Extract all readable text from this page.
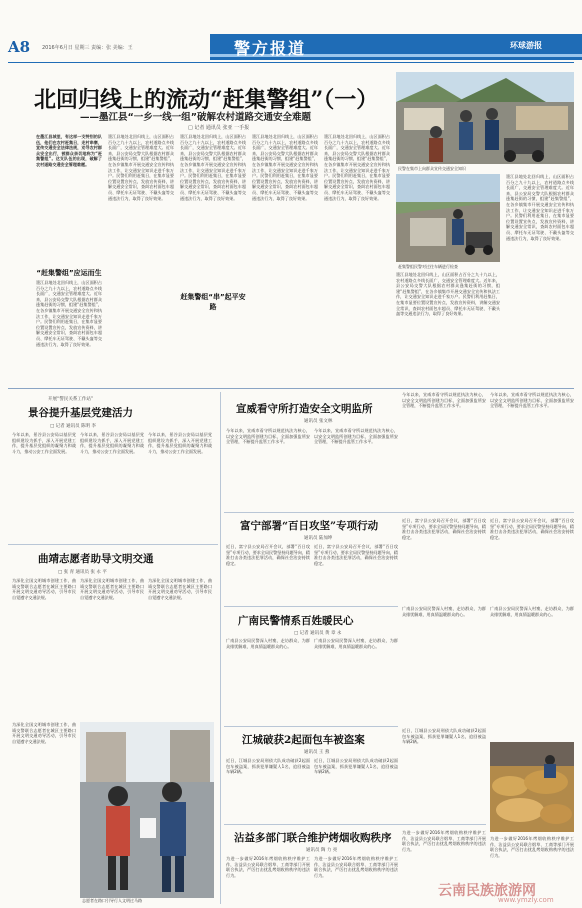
A8 2016年6月日 星期三 责编：张 美编：王	警方报道	环球游报
北回归线上的流动“赶集警组”（一）
——墨江县“一乡一线一组”破解农村道路交通安全难题
□ 记者 通讯员 张亚 一手报
在墨江县城里，有这样一支特别的队伍，他们在农村赶集日，走村串寨，宣传交通安全法律法规，劝导农村群众安全出行，被群众亲切地称为“赶集警组”。这支队伍的出现，破解了农村道路交通安全管理难题。
“赶集警组”应运而生
墨江县地处北回归线上，山区面积占百分之九十九以上，农村道路点多线长面广，交通安全管理难度大。近年来，县公安局交警大队根据农村群众逢集赶街的习惯，组建“赶集警组”，在各乡镇集市开展交通安全宣传和执法工作，让交通安全知识走进千家万户。民警们利用赶集日，在集市显要位置设置宣传点，发放宣传资料，讲解交通安全常识，查纠农村面包车超员、摩托车无证驾驶、不戴头盔等交通违法行为，取得了良好效果。
墨江县地处北回归线上，山区面积占百分之九十九以上，农村道路点多线长面广，交通安全管理难度大。近年来，县公安局交警大队根据农村群众逢集赶街的习惯，组建“赶集警组”，在各乡镇集市开展交通安全宣传和执法工作，让交通安全知识走进千家万户。民警们利用赶集日，在集市显要位置设置宣传点，发放宣传资料，讲解交通安全常识，查纠农村面包车超员、摩托车无证驾驶、不戴头盔等交通违法行为，取得了良好效果。
墨江县地处北回归线上，山区面积占百分之九十九以上，农村道路点多线长面广，交通安全管理难度大。近年来，县公安局交警大队根据农村群众逢集赶街的习惯，组建“赶集警组”，在各乡镇集市开展交通安全宣传和执法工作，让交通安全知识走进千家万户。民警们利用赶集日，在集市显要位置设置宣传点，发放宣传资料，讲解交通安全常识，查纠农村面包车超员、摩托车无证驾驶、不戴头盔等交通违法行为，取得了良好效果。
墨江县地处北回归线上，山区面积占百分之九十九以上，农村道路点多线长面广，交通安全管理难度大。近年来，县公安局交警大队根据农村群众逢集赶街的习惯，组建“赶集警组”，在各乡镇集市开展交通安全宣传和执法工作，让交通安全知识走进千家万户。民警们利用赶集日，在集市显要位置设置宣传点，发放宣传资料，讲解交通安全常识，查纠农村面包车超员、摩托车无证驾驶、不戴头盔等交通违法行为，取得了良好效果。
赶集警组“串”起平安路
墨江县地处北回归线上，山区面积占百分之九十九以上，农村道路点多线长面广，交通安全管理难度大。近年来，县公安局交警大队根据农村群众逢集赶街的习惯，组建“赶集警组”，在各乡镇集市开展交通安全宣传和执法工作，让交通安全知识走进千家万户。民警们利用赶集日，在集市显要位置设置宣传点，发放宣传资料，讲解交通安全常识，查纠农村面包车超员、摩托车无证驾驶、不戴头盔等交通违法行为，取得了良好效果。
民警在集市上向群众宣传交通安全知识
赶集警组民警对过往车辆进行检查
墨江县地处北回归线上，山区面积占百分之九十九以上，农村道路点多线长面广，交通安全管理难度大。近年来，县公安局交警大队根据农村群众逢集赶街的习惯，组建“赶集警组”，在各乡镇集市开展交通安全宣传和执法工作，让交通安全知识走进千家万户。民警们利用赶集日，在集市显要位置设置宣传点，发放宣传资料，讲解交通安全常识，查纠农村面包车超员、摩托车无证驾驶、不戴头盔等交通违法行为，取得了良好效果。
墨江县地处北回归线上，山区面积占百分之九十九以上，农村道路点多线长面广，交通安全管理难度大。近年来，县公安局交警大队根据农村群众逢集赶街的习惯，组建“赶集警组”，在各乡镇集市开展交通安全宣传和执法工作，让交通安全知识走进千家万户。民警们利用赶集日，在集市显要位置设置宣传点，发放宣传资料，讲解交通安全常识，查纠农村面包车超员、摩托车无证驾驶、不戴头盔等交通违法行为，取得了良好效果。
开展“警民关系工作站”
景谷提升基层党建活力
□ 记者 通讯员 陈明 李
今年以来，景谷县公安局以基层党组织建设为抓手，深入开展党建工作，提升基层党组织的凝聚力和战斗力，推动公安工作全面发展。
今年以来，景谷县公安局以基层党组织建设为抓手，深入开展党建工作，提升基层党组织的凝聚力和战斗力，推动公安工作全面发展。
今年以来，景谷县公安局以基层党组织建设为抓手，深入开展党建工作，提升基层党组织的凝聚力和战斗力，推动公安工作全面发展。
曲靖志愿者助导文明交通
□ 张 青 通讯员 张 永 平
为深化全国文明城市创建工作，曲靖交警联合志愿者在城区主要路口开展文明交通劝导活动，引导市民自觉遵守交通法规。
为深化全国文明城市创建工作，曲靖交警联合志愿者在城区主要路口开展文明交通劝导活动，引导市民自觉遵守交通法规。
为深化全国文明城市创建工作，曲靖交警联合志愿者在城区主要路口开展文明交通劝导活动，引导市民自觉遵守交通法规。
为深化全国文明城市创建工作，曲靖交警联合志愿者在城区主要路口开展文明交通劝导活动，引导市民自觉遵守交通法规。
志愿者在路口引导行人文明过马路
宣威看守所打造安全文明监所
通讯员 张文林
今年以来，宣威市看守所以规范执法为核心，以安全文明监所创建为目标，全面加强监所安全管理，不断提升监管工作水平。
今年以来，宣威市看守所以规范执法为核心，以安全文明监所创建为目标，全面加强监所安全管理，不断提升监管工作水平。
今年以来，宣威市看守所以规范执法为核心，以安全文明监所创建为目标，全面加强监所安全管理，不断提升监管工作水平。
今年以来，宣威市看守所以规范执法为核心，以安全文明监所创建为目标，全面加强监所安全管理，不断提升监管工作水平。
富宁部署“百日攻坚”专项行动
通讯员 陆加坤
近日，富宁县公安局召开会议，部署“百日攻坚”专项行动，要求全局民警坚持问题导向，精准打击各类违法犯罪活动，确保社会治安持续稳定。
近日，富宁县公安局召开会议，部署“百日攻坚”专项行动，要求全局民警坚持问题导向，精准打击各类违法犯罪活动，确保社会治安持续稳定。
近日，富宁县公安局召开会议，部署“百日攻坚”专项行动，要求全局民警坚持问题导向，精准打击各类违法犯罪活动，确保社会治安持续稳定。
近日，富宁县公安局召开会议，部署“百日攻坚”专项行动，要求全局民警坚持问题导向，精准打击各类违法犯罪活动，确保社会治安持续稳定。
广南民警情系百姓暖民心
□ 记者 通讯员 黄 章 永
广南县公安局民警深入村寨，走访群众，为群众排忧解难，用真情温暖群众的心。
广南县公安局民警深入村寨，走访群众，为群众排忧解难，用真情温暖群众的心。
广南县公安局民警深入村寨，走访群众，为群众排忧解难，用真情温暖群众的心。
广南县公安局民警深入村寨，走访群众，为群众排忧解难，用真情温暖群众的心。
江城破获2起面包车被盗案
通讯员 王 燕
近日，江城县公安局刑侦大队成功破获2起面包车被盗案，抓获犯罪嫌疑人1名，追回被盗车辆2辆。
近日，江城县公安局刑侦大队成功破获2起面包车被盗案，抓获犯罪嫌疑人1名，追回被盗车辆2辆。
近日，江城县公安局刑侦大队成功破获2起面包车被盗案，抓获犯罪嫌疑人1名，追回被盗车辆2辆。
沾益多部门联合维护烤烟收购秩序
通讯员 陶 力 亮
为进一步做好2016年烤烟收购秩序维护工作，沾益县公安局联合烟草、工商等部门开展联合执法，严厉打击扰乱烤烟收购秩序的违法行为。
为进一步做好2016年烤烟收购秩序维护工作，沾益县公安局联合烟草、工商等部门开展联合执法，严厉打击扰乱烤烟收购秩序的违法行为。
为进一步做好2016年烤烟收购秩序维护工作，沾益县公安局联合烟草、工商等部门开展联合执法，严厉打击扰乱烤烟收购秩序的违法行为。
为进一步做好2016年烤烟收购秩序维护工作，沾益县公安局联合烟草、工商等部门开展联合执法，严厉打击扰乱烤烟收购秩序的违法行为。
云南民族旅游网
www.ymzly.com
